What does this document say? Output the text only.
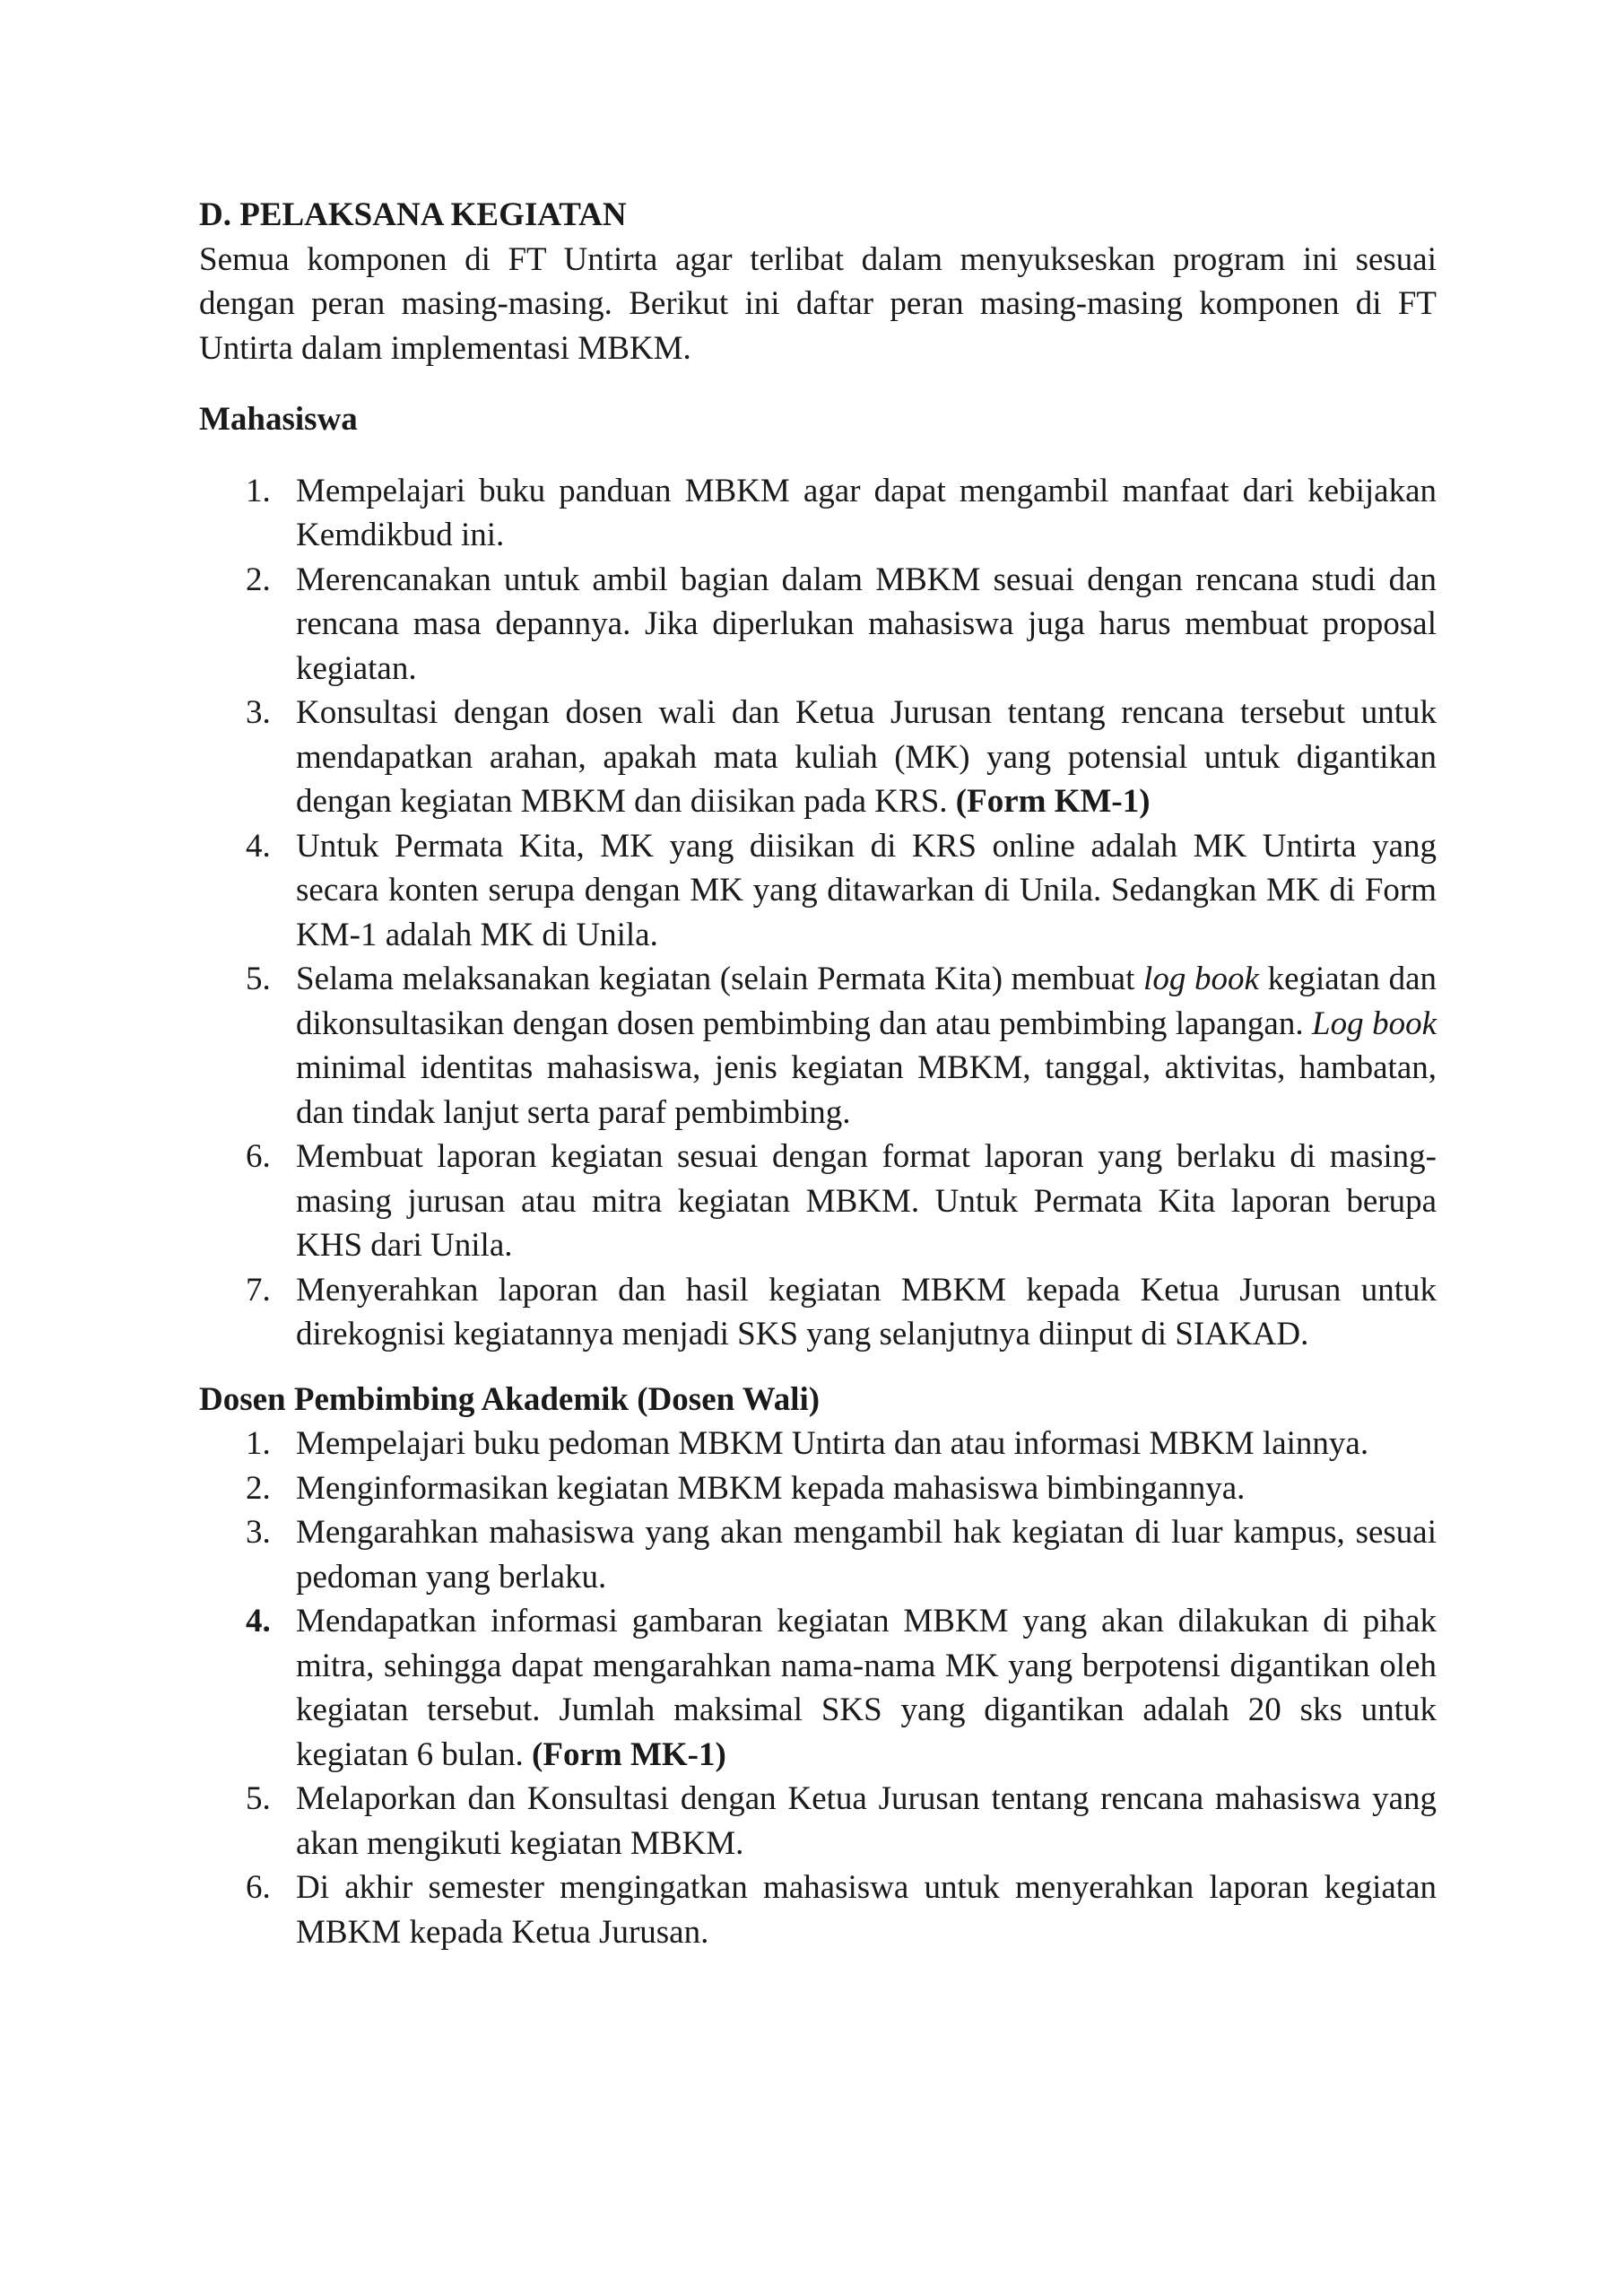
D. PELAKSANA KEGIATAN

Semua komponen di FT Untirta agar terlibat dalam menyukseskan program ini sesuai dengan peran masing-masing. Berikut ini daftar peran masing-masing komponen di FT Untirta dalam implementasi MBKM.

Mahasiswa

1. Mempelajari buku panduan MBKM agar dapat mengambil manfaat dari kebijakan Kemdikbud ini.
2. Merencanakan untuk ambil bagian dalam MBKM sesuai dengan rencana studi dan rencana masa depannya. Jika diperlukan mahasiswa juga harus membuat proposal kegiatan.
3. Konsultasi dengan dosen wali dan Ketua Jurusan tentang rencana tersebut untuk mendapatkan arahan, apakah mata kuliah (MK) yang potensial untuk digantikan dengan kegiatan MBKM dan diisikan pada KRS. (Form KM-1)
4. Untuk Permata Kita, MK yang diisikan di KRS online adalah MK Untirta yang secara konten serupa dengan MK yang ditawarkan di Unila. Sedangkan MK di Form KM-1 adalah MK di Unila.
5. Selama melaksanakan kegiatan (selain Permata Kita) membuat log book kegiatan dan dikonsultasikan dengan dosen pembimbing dan atau pembimbing lapangan. Log book minimal identitas mahasiswa, jenis kegiatan MBKM, tanggal, aktivitas, hambatan, dan tindak lanjut serta paraf pembimbing.
6. Membuat laporan kegiatan sesuai dengan format laporan yang berlaku di masing-masing jurusan atau mitra kegiatan MBKM. Untuk Permata Kita laporan berupa KHS dari Unila.
7. Menyerahkan laporan dan hasil kegiatan MBKM kepada Ketua Jurusan untuk direkognisi kegiatannya menjadi SKS yang selanjutnya diinput di SIAKAD.

Dosen Pembimbing Akademik (Dosen Wali)

1. Mempelajari buku pedoman MBKM Untirta dan atau informasi MBKM lainnya.
2. Menginformasikan kegiatan MBKM kepada mahasiswa bimbingannya.
3. Mengarahkan mahasiswa yang akan mengambil hak kegiatan di luar kampus, sesuai pedoman yang berlaku.
4. Mendapatkan informasi gambaran kegiatan MBKM yang akan dilakukan di pihak mitra, sehingga dapat mengarahkan nama-nama MK yang berpotensi digantikan oleh kegiatan tersebut. Jumlah maksimal SKS yang digantikan adalah 20 sks untuk kegiatan 6 bulan. (Form MK-1)
5. Melaporkan dan Konsultasi dengan Ketua Jurusan tentang rencana mahasiswa yang akan mengikuti kegiatan MBKM.
6. Di akhir semester mengingatkan mahasiswa untuk menyerahkan laporan kegiatan MBKM kepada Ketua Jurusan.
